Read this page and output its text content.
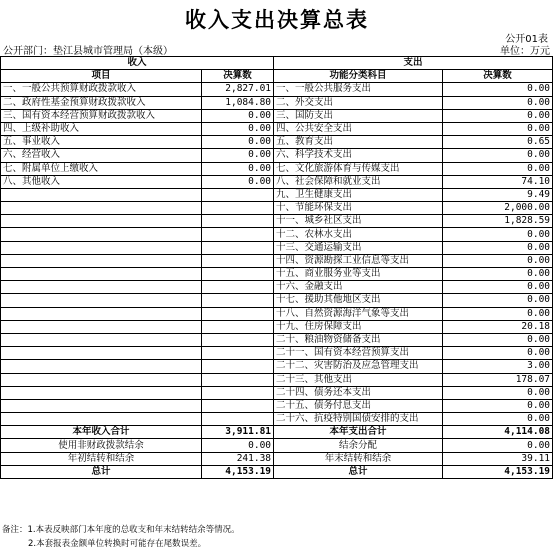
收入支出决算总表
公开01表
公开部门：垫江县城市管理局（本级）	单位：万元
收入		支出	
项目	决算数	功能分类科目	决算数
一、一般公共预算财政拨款收入	2,827.01	一、一般公共服务支出	0.00
二、政府性基金预算财政拨款收入	1,084.80	二、外交支出	0.00
三、国有资本经营预算财政拨款收入	0.00	三、国防支出	0.00
四、上级补助收入	0.00	四、公共安全支出	0.00
五、事业收入	0.00	五、教育支出	0.65
六、经营收入	0.00	六、科学技术支出	0.00
七、附属单位上缴收入	0.00	七、文化旅游体育与传媒支出	0.00
八、其他收入	0.00	八、社会保障和就业支出	74.10
		九、卫生健康支出	9.49
		十、节能环保支出	2,000.00
		十一、城乡社区支出	1,828.59
		十二、农林水支出	0.00
		十三、交通运输支出	0.00
		十四、资源勘探工业信息等支出	0.00
		十五、商业服务业等支出	0.00
		十六、金融支出	0.00
		十七、援助其他地区支出	0.00
		十八、自然资源海洋气象等支出	0.00
		十九、住房保障支出	20.18
		二十、粮油物资储备支出	0.00
		二十一、国有资本经营预算支出	0.00
		二十二、灾害防治及应急管理支出	3.00
		二十三、其他支出	178.07
		二十四、债务还本支出	0.00
		二十五、债务付息支出	0.00
		二十六、抗疫特别国债安排的支出	0.00
本年收入合计	3,911.81	本年支出合计	4,114.08
使用非财政拨款结余	0.00	结余分配	0.00
年初结转和结余	241.38	年末结转和结余	39.11
总计	4,153.19	总计	4,153.19
备注：1.本表反映部门本年度的总收支和年末结转结余等情况。
2.本套报表金额单位转换时可能存在尾数误差。
